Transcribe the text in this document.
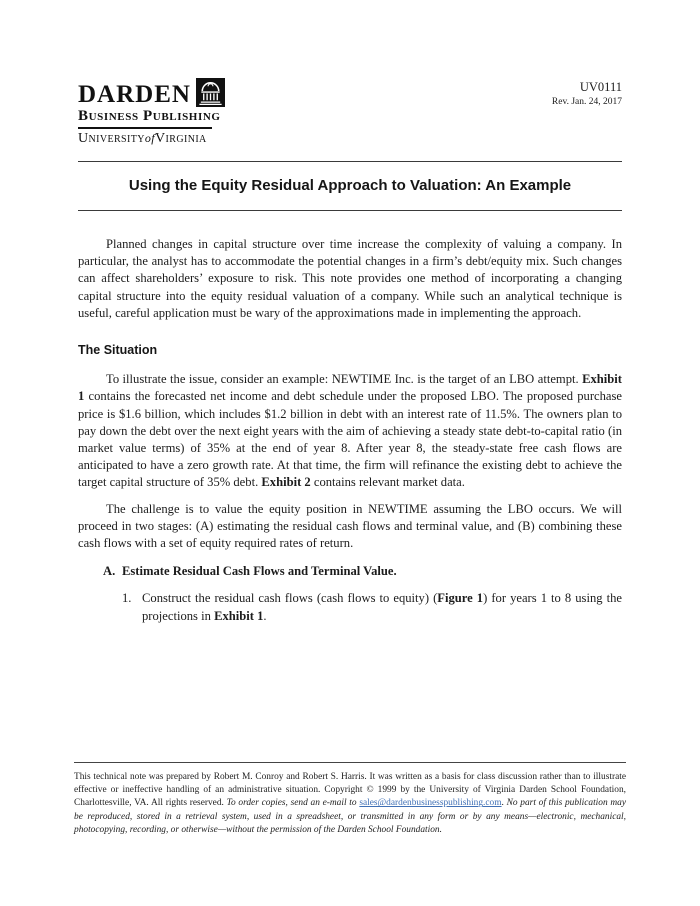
DARDEN
Business Publishing
UniversityofVirginia
UV0111
Rev. Jan. 24, 2017
Using the Equity Residual Approach to Valuation: An Example

Planned changes in capital structure over time increase the complexity of valuing a company. In particular, the analyst has to accommodate the potential changes in a firm’s debt/equity mix. Such changes can affect shareholders’ exposure to risk. This note provides one method of incorporating a changing capital structure into the equity residual valuation of a company. While such an analytical technique is useful, careful application must be wary of the approximations made in implementing the approach.

The Situation

To illustrate the issue, consider an example: NEWTIME Inc. is the target of an LBO attempt. Exhibit 1 contains the forecasted net income and debt schedule under the proposed LBO. The proposed purchase price is $1.6 billion, which includes $1.2 billion in debt with an interest rate of 11.5%. The owners plan to pay down the debt over the next eight years with the aim of achieving a steady state debt-to-capital ratio (in market value terms) of 35% at the end of year 8. After year 8, the steady-state free cash flows are anticipated to have a zero growth rate. At that time, the firm will refinance the existing debt to achieve the target capital structure of 35% debt. Exhibit 2 contains relevant market data.

The challenge is to value the equity position in NEWTIME assuming the LBO occurs. We will proceed in two stages: (A) estimating the residual cash flows and terminal value, and (B) combining these cash flows with a set of equity required rates of return.

A. Estimate Residual Cash Flows and Terminal Value.
1. Construct the residual cash flows (cash flows to equity) (Figure 1) for years 1 to 8 using the projections in Exhibit 1.
This technical note was prepared by Robert M. Conroy and Robert S. Harris. It was written as a basis for class discussion rather than to illustrate effective or ineffective handling of an administrative situation. Copyright © 1999 by the University of Virginia Darden School Foundation, Charlottesville, VA. All rights reserved. To order copies, send an e-mail to sales@dardenbusinesspublishing.com. No part of this publication may be reproduced, stored in a retrieval system, used in a spreadsheet, or transmitted in any form or by any means—electronic, mechanical, photocopying, recording, or otherwise—without the permission of the Darden School Foundation.
